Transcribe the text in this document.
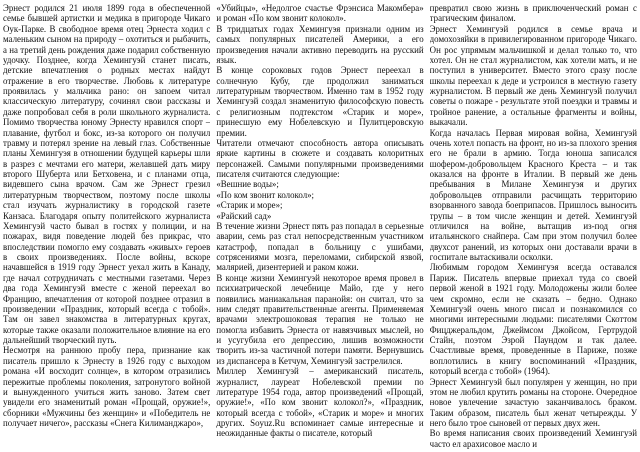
Эрнест родился 21 июля 1899 года в обеспеченной семье бывшей артистки и медика в пригороде Чикаго Оук-Парке. В свободное время отец Эрнеста ходил с маленьким сыном на природу – охотиться и рыбачить, а на третий день рождения даже подарил собственную удочку. Позднее, когда Хемингуэй станет писать, детские впечатления о родных местах найдут отражение в его творчестве. Любовь к литературе проявилась у мальчика рано: он запоем читал классическую литературу, сочинял свои рассказы и даже попробовал себя в роли школьного журналиста. Помимо творчества юному Эрнесту нравился спорт – плавание, футбол и бокс, из-за которого он получил травму и потерял зрение на левый глаз. Собственные планы Хемингуэя в отношении будущей карьеры шли в разрез с мечтами его матери, желавшей дать миру второго Шуберта или Бетховена, и с планами отца, видевшего сына врачом. Сам же Эрнест грезил литературным творчеством, поэтому после школы стал изучать журналистику в городской газете Канзаса. Благодаря опыту политейского журналиста Хемингуэй часто бывал в гостях у полиции, и на пожарах, видя поведение людей без прикрас, что впоследствии помогло ему создавать «живых» героев в своих произведениях. После войны, вскоре начавшейся в 1919 году Эрнест уехал жить в Канаду, где начал сотрудничать с местными газетами. Через два года Хемингуэй вместе с женой переехал во Францию, впечатления от которой позднее отразил в произведении «Праздник, который всегда с тобой». Там он завел знакомства в литературных кругах, которые также оказали положительное влияние на его дальнейший творческий путь.

Несмотря на раннюю пробу пера, признание как писатель пришло к Эрнесту в 1926 году с выходом романа «И восходит солнце», в котором отразились пережитые проблемы поколения, затронутого войной и вынужденного учиться жить заново. Затем свет увидели его знаменитый роман «Прощай, оружие!», сборники «Мужчины без женщин» и «Победитель не получает ничего», рассказы «Снега Килиманджаро»,

«Убийцы», «Недолгое счастье Фрэнсиса Макомбера» и роман «По ком звонит колокол».

В тридцатых годах Хемингуэя признали одним из самых популярных писателей Америки, а его произведения начали активно переводить на русский язык.

В конце сороковых годов Эрнест переехал в солнечную Кубу, где продолжил заниматься литературным творчеством. Именно там в 1952 году Хемингуэй создал знаменитую философскую повесть с религиозным подтекстом «Старик и море», принесшую ему Нобелевскую и Пулитцеровскую премии.

Читатели отмечают способность автора описывать яркие картины в сюжете и создавать колоритных персонажей. Самыми популярными произведениями писателя считаются следующие:

«Вешние воды»;

«По ком звонит колокол»;

«Старик и море»;

«Райский сад»

В течение жизни Эрнест пять раз попадал в серьезные аварии, семь раз стал непосредственным участником катастроф, попадал в больницу с ушибами, сотрясениями мозга, переломами, сибирской язвой, малярией, дизентерией и раком кожи.

В конце жизни Хемингуэй некоторое время провел в психиатрической лечебнице Майо, где у него появились маниакальная паранойя: он считал, что за ним следят правительственные агенты. Применяемая врачами электрошоковая терапия не только не помогла избавить Эрнеста от навязчивых мыслей, но и усугубила его депрессию, лишив возможности творить из-за частичной потери памяти. Вернувшись из диспансера в Кетчум, Хемингуэй застрелился.

Миллер Хемингуэй – американский писатель, журналист, лауреат Нобелевской премии по литературе 1954 года, автор произведений «Прощай, оружие!», «По ком звонит колокол?», «Праздник, который всегда с тобой», «Старик и море» и многих других. Soyuz.Ru вспоминает самые интересные и неожиданные факты о писателе, который

превратил свою жизнь в приключенческий роман с трагическим финалом.

Эрнест Хемингуэй родился в семье врача и домохозяйки в привилегированном пригороде Чикаго. Он рос упрямым мальчишкой и делал только то, что хотел. Он не стал журналистом, как хотели мать, и не поступил в университет. Вместо этого сразу после школы переехал к деде и устроился в местную газету журналистом. В первый же день Хемингуэй получил советы о пожаре - результате этой поездки и травмы и тройное ранение, а остальные фрагменты и войны, выкачали.

Когда началась Первая мировая война, Хемингуэй очень хотел попасть на фронт, но из-за плохого зрения его не брали в армию. Тогда юноша записался шофером-добровольцем Красного Креста – и так оказался на фронте в Италии. В первый же день пребывания в Милане Хемингуэя и других добровольцев отправили расчищать территорию взорванного завода боеприпасов. Пришлось выносить трупы – в том числе женщин и детей. Хемингуэй отличился на войне, вытащив из-под огня итальянского снайпера. Сам при этом получил более двухсот ранений, из которых они доставали врачи в госпитале вытаскивали осколки.

Любимым городом Хемингуэя всегда оставался Париж. Писатель впервые приехал туда со своей первой женой в 1921 году. Молодожены жили более чем скромно, если не сказать – бедно. Однако Хемингуэй очень много писал и познакомился со многими интересными людьми: писателями Скоттом Фицджеральдом, Джеймсом Джойсом, Гертрудой Стайн, поэтом Эзрой Паундом и так далее. Счастливые время, проведенные в Париже, позже воплотились в книгу воспоминаний «Праздник, который всегда с тобой» (1964).

Эрнест Хемингуэй был популярен у женщин, но при этом не любил крутить романы на стороне. Очередное новое увлечение зачастую заканчивалось браком. Таким образом, писатель был женат четырежды. У него было трое сыновей от первых двух жен.

Во время написания своих произведений Хемингуэй часто ел арахисовое масло и
